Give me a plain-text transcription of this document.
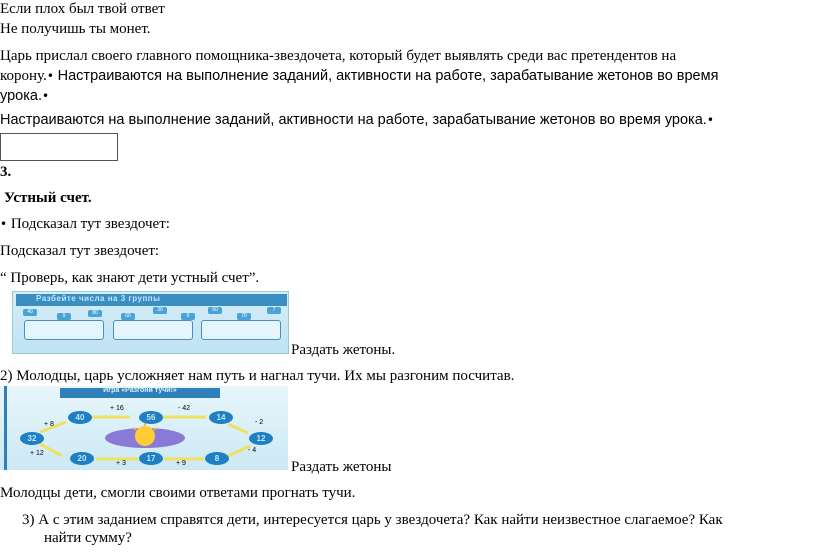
Если плох был твой ответ
Не получишь ты монет.
Царь прислал своего главного помощника-звездочета, который будет выявлять среди вас претендентов на
корону.• Настраиваются на выполнение заданий, активности на работе, зарабатывание жетонов во время
урока.•
Настраиваются на выполнение заданий, активности на работе, зарабатывание жетонов во время урока.•
3.
Устный счет.
• Подсказал тут звездочет:
Подсказал тут звездочет:
“ Проверь, как знают дети устный счет”.
Разбейте числа на 3 группы
40
9	80	60
30
6
60
70
7
Раздать жетоны.
2) Молодцы, царь усложняет нам путь и нагнал тучи. Их мы разгоним посчитав.
Игра «Разгони тучи!»
40	56	14
12
8
17
20
32
+ 16	- 42
- 2
- 4
+ 9
+ 3
+ 12
+ 8
Раздать жетоны
Молодцы дети, смогли своими ответами прогнать тучи.
3) А с этим заданием справятся дети, интересуется царь у звездочета? Как найти неизвестное слагаемое? Как
найти сумму?
